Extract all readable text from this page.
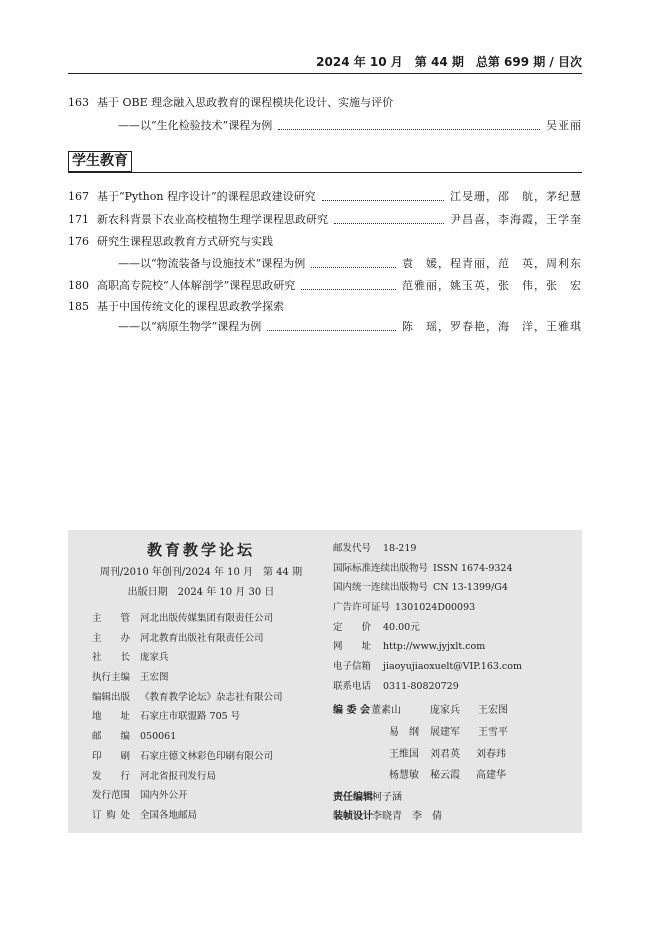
2024 年 10 月　第 44 期　总第 699 期 / 目次
163 基于 OBE 理念融入思政教育的课程模块化设计、实施与评价
——以“生化检验技术”课程为例	吴亚丽
学生教育
167 基于“Python 程序设计”的课程思政建设研究	江旻珊，邵　航，茅纪慧
171 新农科背景下农业高校植物生理学课程思政研究	尹昌喜，李海霞，王学奎
176 研究生课程思政教育方式研究与实践
——以“物流装备与设施技术”课程为例	袁　媛，程青丽，范　英，周利东
180 高职高专院校“人体解剖学”课程思政研究	范雅丽，姚玉英，张　伟，张　宏
185 基于中国传统文化的课程思政教学探索
——以“病原生物学”课程为例	陈　瑶，罗春艳，海　洋，王雅琪
教育教学论坛
周刊/2010 年创刊/2024 年 10 月　第 44 期
出版日期　2024 年 10 月 30 日
主　　管 河北出版传媒集团有限责任公司
主　　办 河北教育出版社有限责任公司
社　　长 庞家兵
执行主编 王宏图
编辑出版 《教育教学论坛》杂志社有限公司
地　　址 石家庄市联盟路 705 号
邮　　编 050061
印　　刷 石家庄德文林彩色印刷有限公司
发　　行 河北省报刊发行局
发行范围 国内外公开
订 购 处 全国各地邮局
邮发代号 18-219
国际标准连续出版物号 ISSN 1674-9324
国内统一连续出版物号 CN 13-1399/G4
广告许可证号 1301024D00093
定　　价 40.00元
网　　址 http://www.jyjxlt.com
电子信箱 jiaoyujiaoxuelt@VIP.163.com
联系电话 0311-80820729
编 委 会 董素山	庞家兵 王宏图
易　纲 展建军 王雪平
王维国 刘君英 刘春玮
杨慧敏 秘云霞 高建华
责任编辑 柯子涵
装帧设计 李晓青　李　倩
